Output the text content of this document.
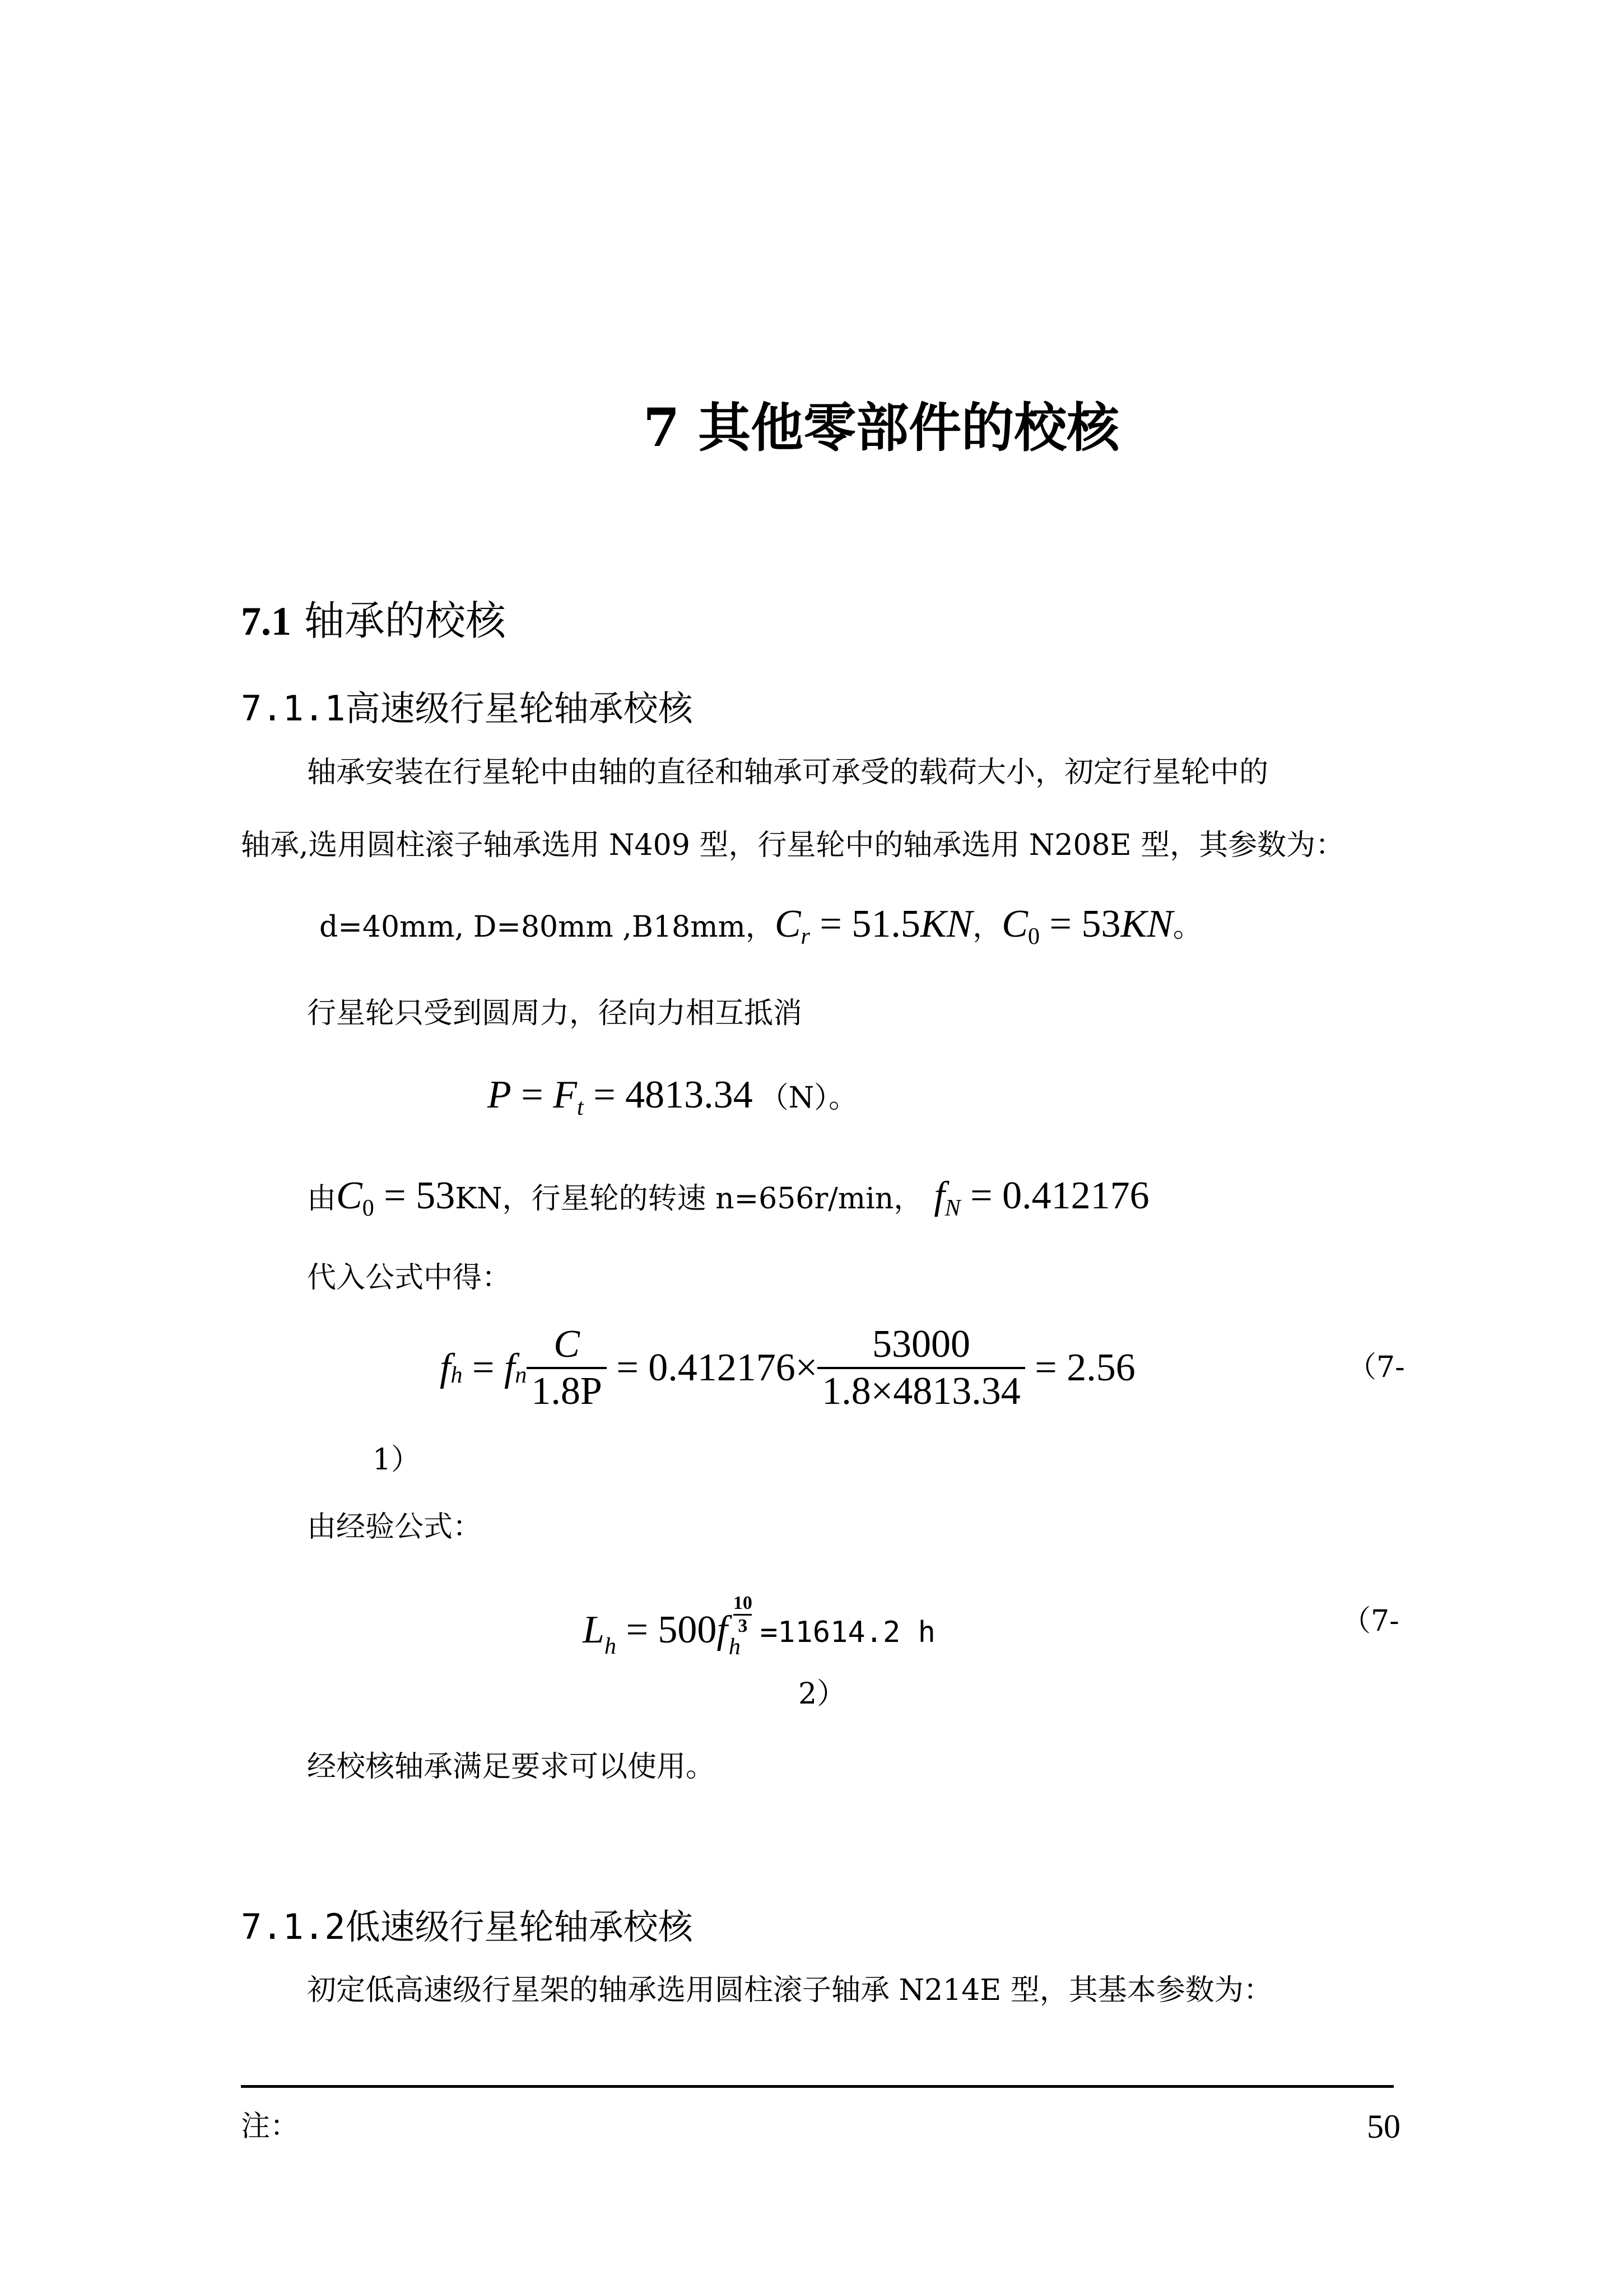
7 其他零部件的校核
7.1 轴承的校核
7.1.1高速级行星轮轴承校核
轴承安装在行星轮中由轴的直径和轴承可承受的载荷大小，初定行星轮中的
轴承,选用圆柱滚子轴承选用 N409 型，行星轮中的轴承选用 N208E 型，其参数为：
d=40mm, D=80mm ,B18mm， Cr = 51.5KN ， C0 = 53KN 。
行星轮只受到圆周力，径向力相互抵消
P = Ft = 4813.34 （N）。
由 C0 = 53 KN，行星轮的转速 n=656r/min， fN = 0.412176
代入公式中得：
f h = f n $\frac{C}{1.8P} = 0.412176\times \frac{53000}{1.8\times 4813.34} = 2.56$	（7-
1）
由经验公式：
L h = 500 f $\frac{10}{3}$
h =11614.2 h	（7-
2）
经校核轴承满足要求可以使用。
7.1.2低速级行星轮轴承校核
初定低高速级行星架的轴承选用圆柱滚子轴承 N214E 型，其基本参数为：
注：	50
